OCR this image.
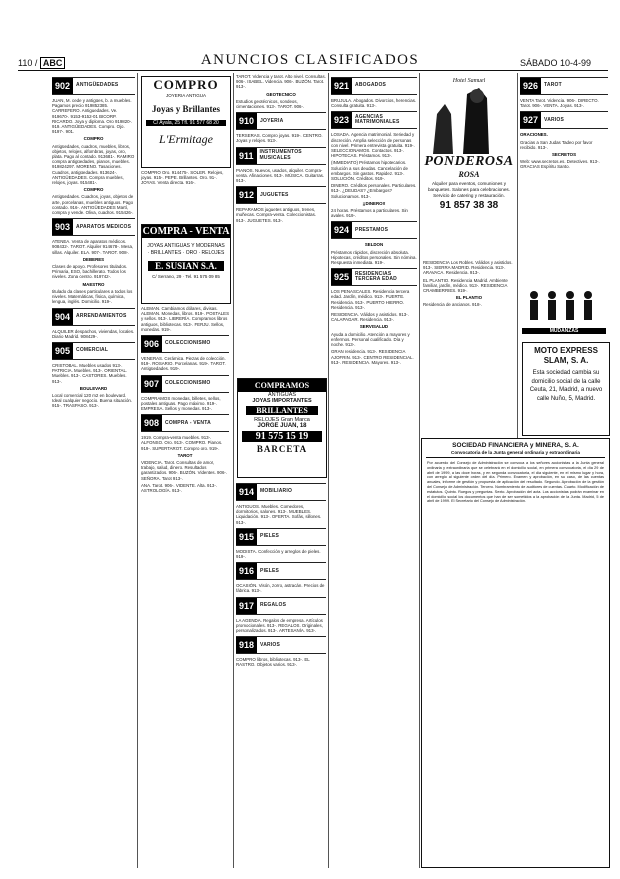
110 / ABC	ANUNCIOS CLASIFICADOS	SÁBADO 10-4-99
902	ANTIGÜEDADES

JUAN, M. cede y antigües, b. a muebles. Pagamos precio 919852385. CARREFERO. Antiguedades. Ve. 919670-. 9153-9152-01 BICORP. RICARDO. Joya y diploma. Oro 919820-. 919. ANTIGÜEDADES. Compro. Ojo. 9197-. 901.

COMPRO

Antigüedades, cuadros, muebles, libros, objetos, relojes, alfombras, joyas, oro, plata. Pago al contado. 913681-. RAMIRO compra antigüedades, pianos, muebles. 919824297. MORENO. Tasaciones. Cuadros, antigüedades. 913624-. ANTIGÜEDADES. Compra muebles, relojes, joyas. 915481-.

COMPRO

Antigüedades. Cuadros, joyas, objetos de arte, porcelanas, muebles antiguos. Pago contado. 916-. ANTIGÜEDADES Martí, compra y vende. Oliva, cuadros. 915426-.

903	APARATOS MEDICOS

ATENEA. Venta de aparatos médicos. 908432-. TAROT. Alquiler 914678-. Mesa, sillas. Alquiler. ELA. 907-. TAROT. 908-.

DEBERES

Clases de apoyo. Profesores titulados. Primaria, ESO, bachillerato. Todos los niveles. Zona centro. 919742-.

MAESTRO

titulado da clases particulares a todos los niveles. Matemáticas, física, química, lengua, inglés. Domicilio. 919-.

904	ARRENDAMIENTOS

ALQUILER despachos, viviendas, locales. Diario Madrid. 908429-.

905	COMERCIAL

CRISTOBAL. Muebles usados 913-. PATRICIA. Muebles. 913-. ORIENTAL. Muebles. 913-. CASTORES. Muebles. 913-.

BOULEVARD

Local comercial 120 m2 en boulevard. Ideal cualquier negocio. Buena situación. 915-. TRASPASO. 913-.

COMPRO
JOYERIA ANTIGUA
Joyas y Brillantes
C/ Ayala, 25 Tfl. 91 577 68 20
L'Ermitage

COMPRO Oro. 914475-. SOLER. Relojes, joyas. 915-. PEPE. Brillantes. Oro. 91-. JOYAS. Venta directa. 916-.

COMPRA - VENTA
JOYAS ANTIGUAS Y MODERNAS · BRILLANTES · ORO · RELOJES
E. SUSIAN S.A.
C/ Serrano, 29 · Tel. 91 575 09 85

ALEMAN. Cambiamos dólares, divisas. ALEMAN. Monedas, libros. 919-. POSTALES y sellos. 913-. LIBRERÍA. Compramos libros antiguos, bibliotecas. 913-. FERJU. Sellos, monedas. 919-.

906	COLECCIONISMO

VENERAS. Cerámica. Piezas de colección. 919-. ROSARIO. Porcelanas. 919-. TAROT. Antigüedades. 919-.

907	COLECCIONISMO

COMPRAMOS monedas, billetes, sellos, postales antiguas. Pago máximo. 919-. EMPRESA. Sellos y monedas. 913-.

908	COMPRA - VENTA

1919. Compra-venta muebles. 913-. ALFONSO. Oro. 913-. COMPRO. Pianos. 919-. SUPERTAROT. Compro oro. 919-.

TAROT

VIDENCIA. Tarot. Consultas de amor, trabajo, salud, dinero. Resultados garantizados. 906-. BUZÓN. Videntes. 906-. SEÑORA. Tarot 913-.

ANA. Tarot. 906-. VIDENTE. Alta. 913-. ASTROLOGÍA. 913-.

TAROT. Videncia y tarot. Alto nivel. Consultas. 906-. ISABEL. Videncia. 906-. BUZÓN. Tarot. 913-.

GEOTECNICO

Estudios geotécnicos, sondeos, cimentaciones. 913-. TAROT. 906-.

910	JOYERIA

TERSERAS. Compro joyas. 919-. CENTRO. Joyas y relojes. 913-.

911	INSTRUMENTOS MUSICALES

PIANOS. Nuevos, usados, alquiler. Compra-venta. Afinaciones. 913-. MÚSICA. Guitarras. 913-.

912	JUGUETES

REPARAMOS juguetes antiguos, trenes, muñecas. Compra-venta. Coleccionistas. 913-. JUGUETES. 913-.

COMPRAMOS
ANTIGUAS
JOYAS IMPORTANTES
BRILLANTES
RELOJES Gran Marca
JORGE JUAN, 18
91 575 15 19
BARCETA
914	MOBILIARIO

ANTIGUOS. Muebles. Comedores, dormitorios, salones. 913-. MUEBLES. Liquidación. 913-. OFERTA. Sofás, sillones. 913-.

915	PIELES

MODISTA. Confección y arreglos de pieles. 919-.

916	PIELES

OCASIÓN. Visón, zorro, astracán. Precios de fábrica. 913-.

917	REGALOS

LA AGENDA. Regalos de empresa. Artículos promocionales. 913-. REGALOS. Originales, personalizados. 913-. ARTESANÍA. 913-.

918	VARIOS

COMPRO libros, bibliotecas. 913-. EL RASTRO. Objetos varios. 913-.

921	ABOGADOS

BRUJULA. Abogados. Divorcios, herencias. Consulta gratuita. 913-.

923	AGENCIAS MATRIMONIALES

LOSADA. Agencia matrimonial. Seriedad y discreción. Amplia selección de personas con nivel. Primera entrevista gratuita. 919-. SELECCIONAMOS. Contactos. 913-. HIPOTECAS. Préstamos. 913-.

(INMEDIATO) Préstamos hipotecarios. Solución a sus deudas. Cancelación de embargos. Sin gastos. Rapidez. 913-. SOLUCIÓN. Créditos. 919-.

DINERO. Créditos personales. Particulares. 913-. ¿DEUDAS? ¿Embargos? Solucionamos. 913-.

¡¡DINERO!!

24 horas. Préstamos a particulares. Sin avales. 919-.

924	PRESTAMOS

SELDON

Préstamos rápidos, discreción absoluta. Hipotecas, créditos personales. Sin nómina. Respuesta inmediata. 919-.

925	RESIDENCIAS TERCERA EDAD

LOS PENASCALES. Residencia tercera edad. Jardín, médico. 913-. FUERTE. Residencia. 913-. PUERTO HIERRO. Residencia. 913-.

RESIDENCIA. Válidos y asistidos. 913-. CALAPAGAR. Residencia. 913-.

SERVISALUD

Ayuda a domicilio. Atención a mayores y enfermos. Personal cualificado. Día y noche. 913-.

GRAN residencia. 913-. RESIDENCIA AJOFRIN. 913-. CENTRO RESIDENCIAL. 913-. RESIDENCIA. Mayores. 913-.

Hotel Samuel
PONDEROSA
ROSA
Alquiler para eventos, comuniones y banquetes. Salones para celebraciones. Servicio de catering y restauración.
91 857 38 38

RESIDENCIA Los Robles. Válidos y asistidos. 913-. SIERRA MADRID. Residencia. 913-. ARAVACA. Residencia. 913-.

EL PLANTIO. Residencia Madrid. Ambiente familiar, jardín, médico. 913-. RESIDENCIA CRAMBERRIES. 919-.

EL PLANTIO

Residencia de ancianos. 918-.

926	TAROT

VENTA Tarot. Videncia. 906-. DIRECTO. Tarot. 906-. VENTA. Joyas. 913-.

927	VARIOS

ORACIONES.

Gracias a San Judas Tadeo por favor recibido. 913-.

SECRETOS

Web: www.secretos.es. Detectives. 913-. GRACIAS Espíritu Santo.

MUDANZAS
MOTO EXPRESS SLAM, S. A.
Esta sociedad cambia su domicilio social de la calle Ceuta, 21, Madrid, a nuevo calle Nuño, 5, Madrid.
SOCIEDAD FINANCIERA y MINERA, S. A.
Convocatoria de la Junta general ordinaria y extraordinaria
Por acuerdo del Consejo de Administración se convoca a los señores accionistas a la Junta general ordinaria y extraordinaria que se celebrará en el domicilio social, en primera convocatoria, el día 29 de abril de 1999, a las doce horas, y en segunda convocatoria, el día siguiente, en el mismo lugar y hora, con arreglo al siguiente orden del día. Primero. Examen y aprobación, en su caso, de las cuentas anuales, informe de gestión y propuesta de aplicación del resultado. Segundo. Aprobación de la gestión del Consejo de Administración. Tercero. Nombramiento de auditores de cuentas. Cuarto. Modificación de estatutos. Quinto. Ruegos y preguntas. Sexto. Aprobación del acta. Los accionistas podrán examinar en el domicilio social los documentos que han de ser sometidos a la aprobación de la Junta. Madrid, 5 de abril de 1999. El Secretario del Consejo de Administración.
